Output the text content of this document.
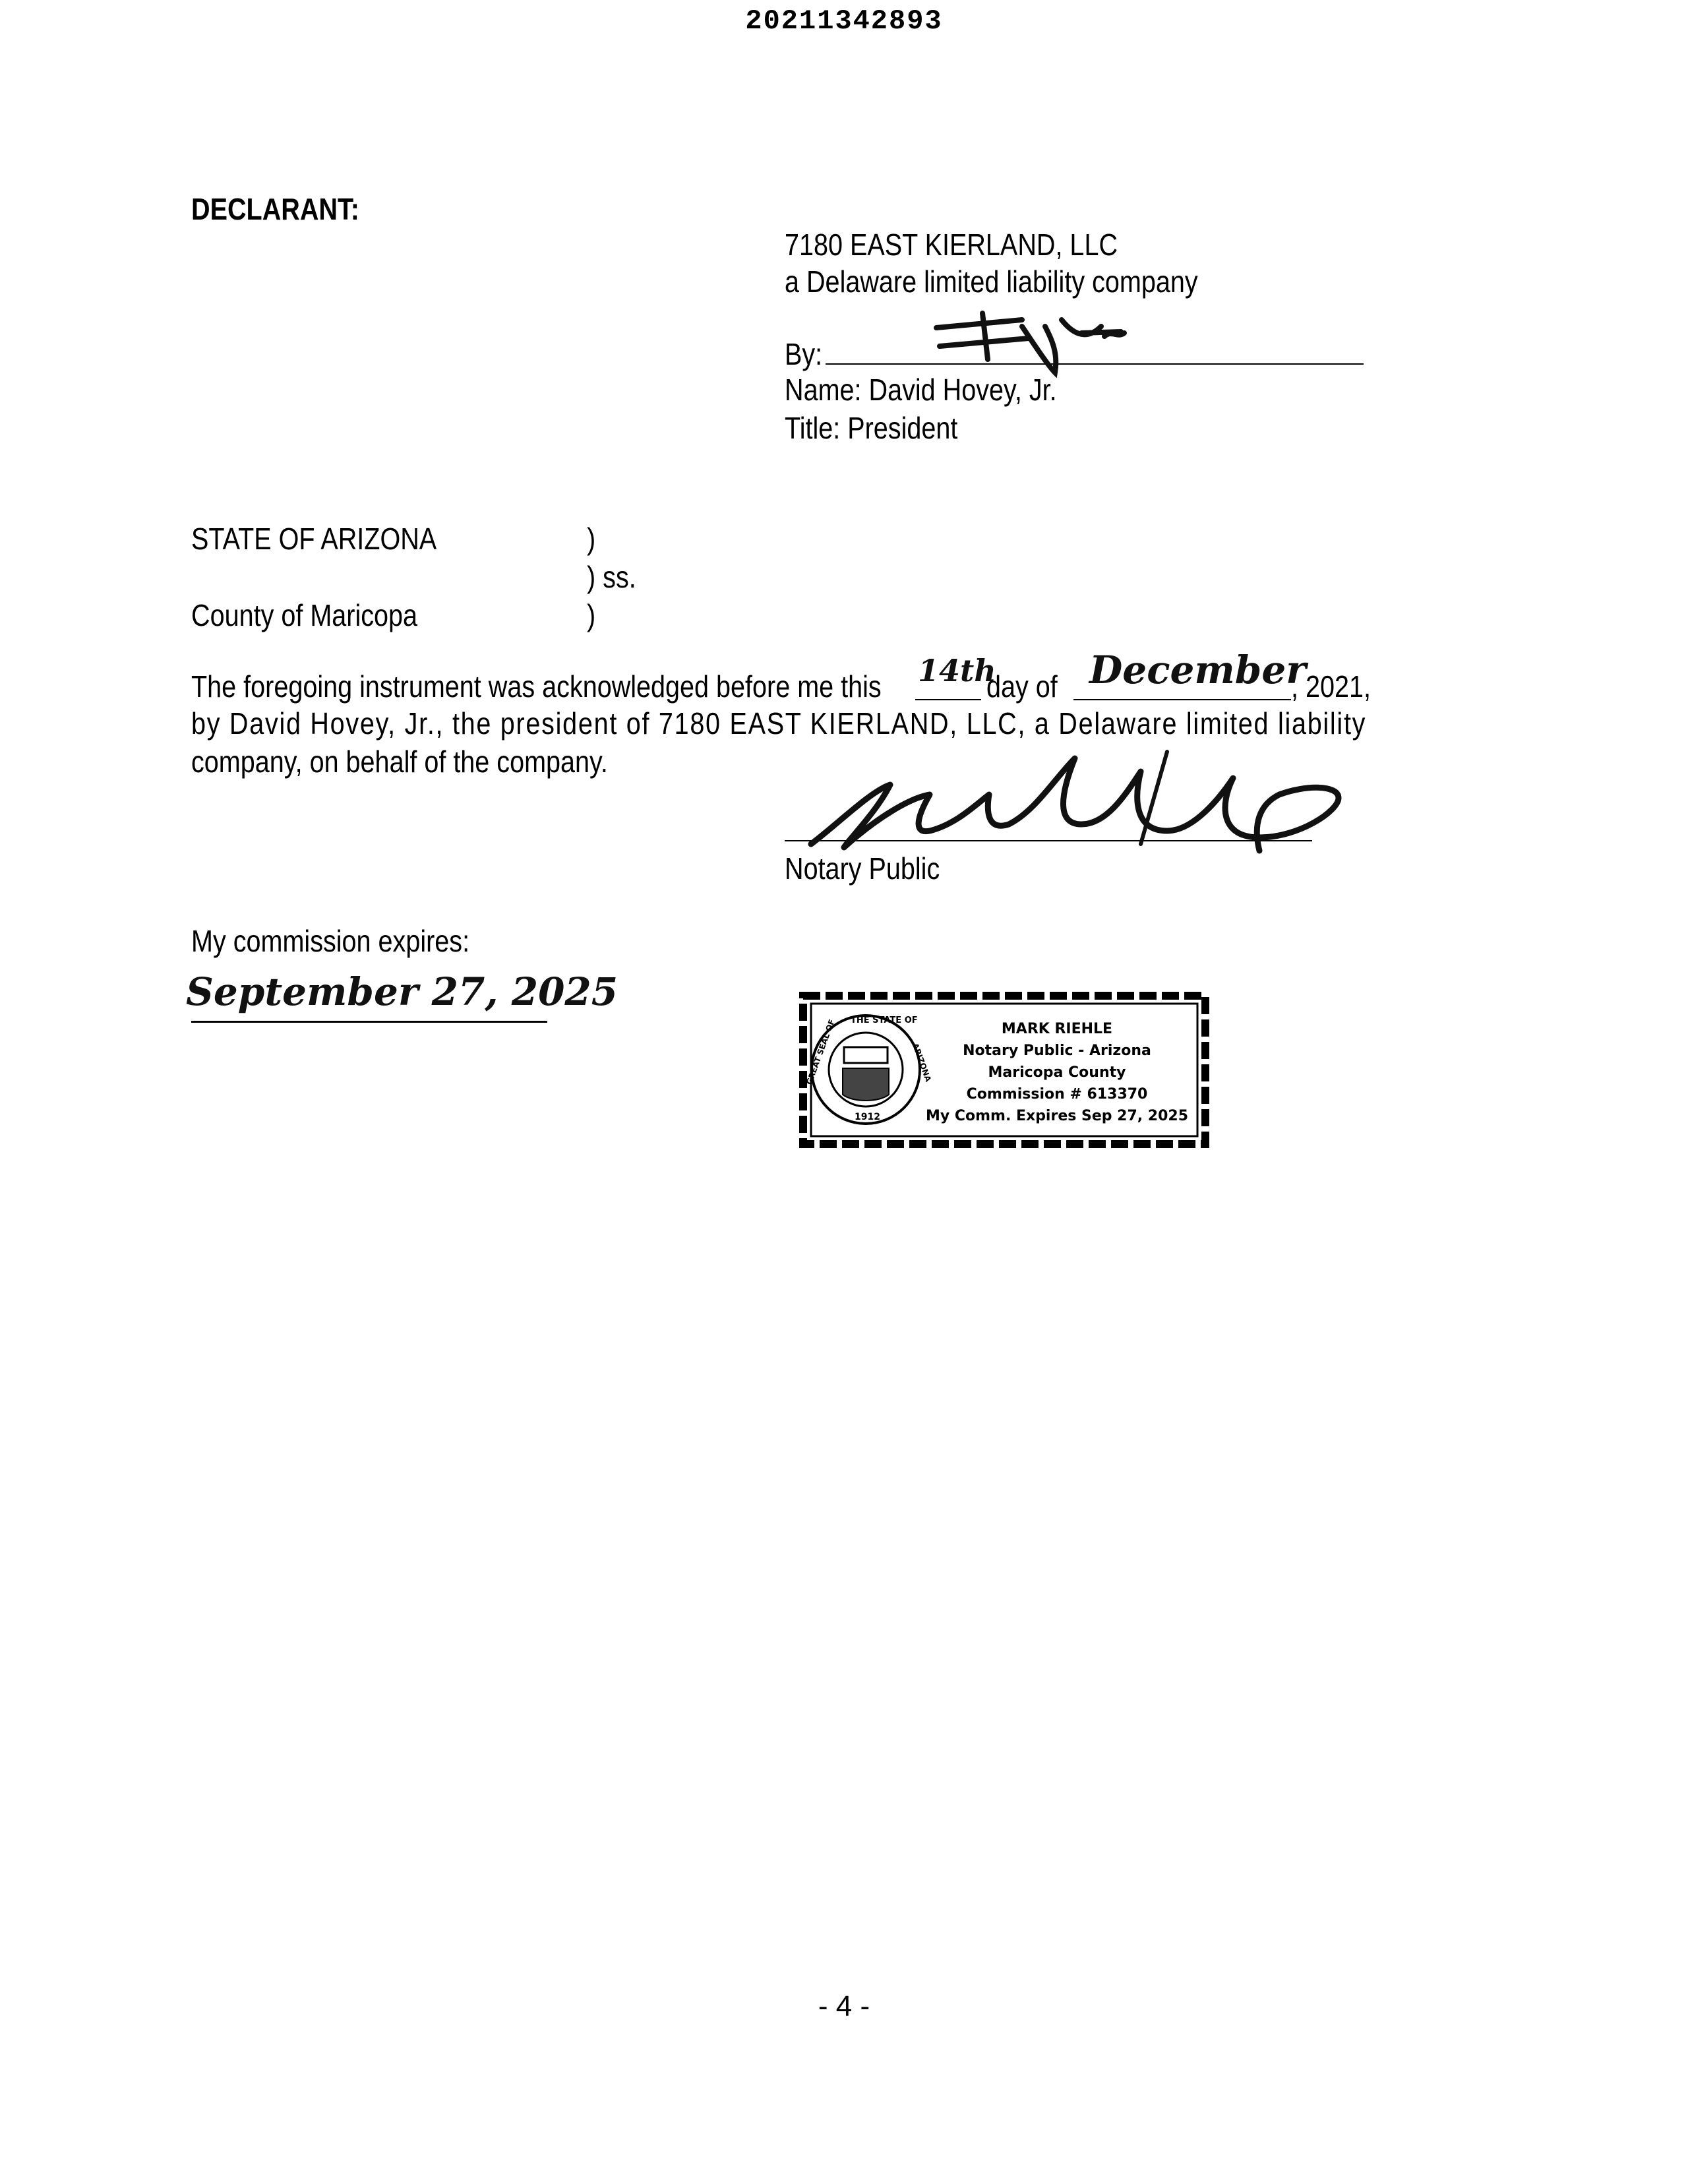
20211342893
DECLARANT:
7180 EAST KIERLAND, LLC
a Delaware limited liability company
By:
Name: David Hovey, Jr.
Title: President
STATE OF ARIZONA	)
) ss.
County of Maricopa	)
The foregoing instrument was acknowledged before me this 14th
day of December
, 2021,
by David Hovey, Jr., the president of 7180 EAST KIERLAND, LLC, a Delaware limited liability
company, on behalf of the company.
Notary Public
My commission expires:
September 27, 2025
THE STATE OF
GREAT SEAL OF	ARIZONA
1912
MARK RIEHLE
Notary Public - Arizona
Maricopa County
Commission # 613370
My Comm. Expires Sep 27, 2025
- 4 -
